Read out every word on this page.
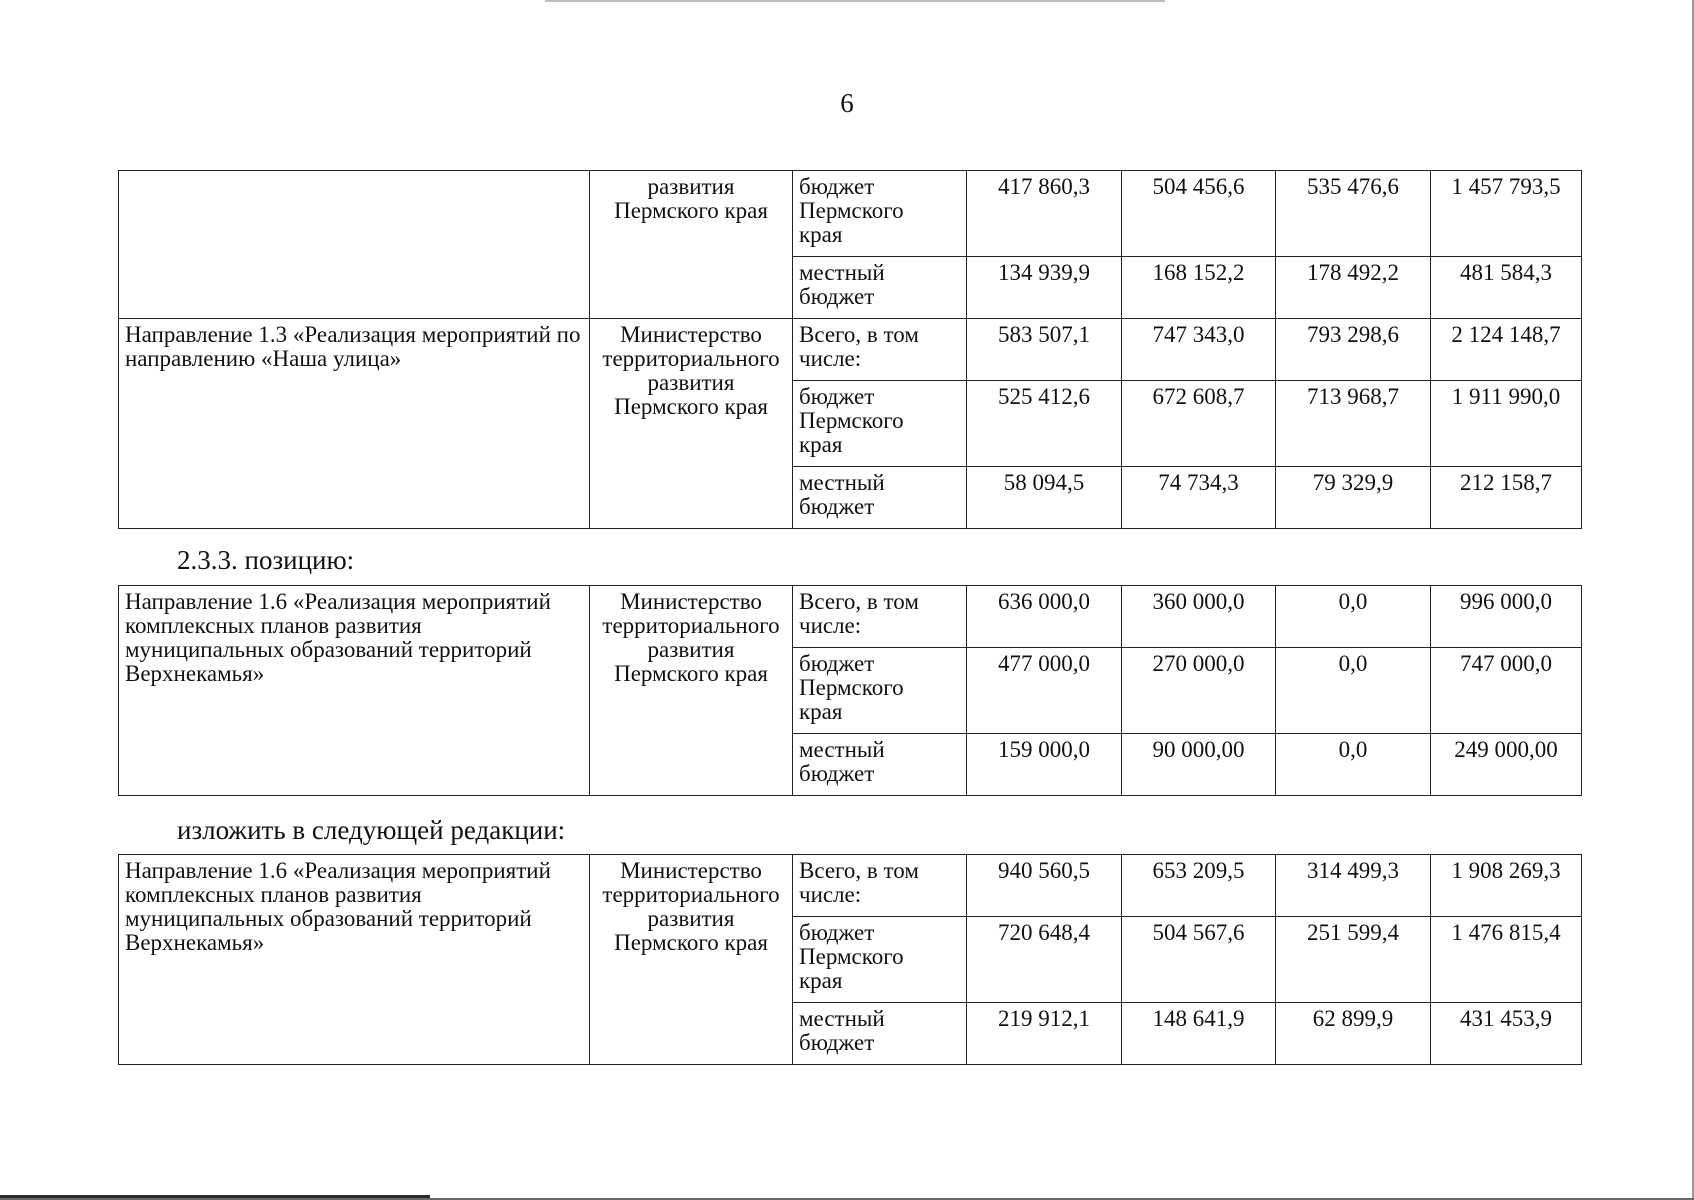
6
	развития
Пермского края	бюджет
Пермского
края	417 860,3	504 456,6	535 476,6	1 457 793,5
		местный
бюджет	134 939,9	168 152,2	178 492,2	481 584,3
Направление 1.3 «Реализация мероприятий по направлению «Наша улица»	Министерство
территориального
развития
Пермского края	Всего, в том
числе:	583 507,1	747 343,0	793 298,6	2 124 148,7
		бюджет
Пермского
края	525 412,6	672 608,7	713 968,7	1 911 990,0
		местный
бюджет	58 094,5	74 734,3	79 329,9	212 158,7
2.3.3. позицию:
Направление 1.6 «Реализация мероприятий комплексных планов развития муниципальных образований территорий Верхнекамья»	Министерство
территориального
развития
Пермского края	Всего, в том
числе:	636 000,0	360 000,0	0,0	996 000,0
		бюджет
Пермского
края	477 000,0	270 000,0	0,0	747 000,0
		местный
бюджет	159 000,0	90 000,00	0,0	249 000,00
изложить в следующей редакции:
Направление 1.6 «Реализация мероприятий комплексных планов развития муниципальных образований территорий Верхнекамья»	Министерство
территориального
развития
Пермского края	Всего, в том
числе:	940 560,5	653 209,5	314 499,3	1 908 269,3
		бюджет
Пермского
края	720 648,4	504 567,6	251 599,4	1 476 815,4
		местный
бюджет	219 912,1	148 641,9	62 899,9	431 453,9
